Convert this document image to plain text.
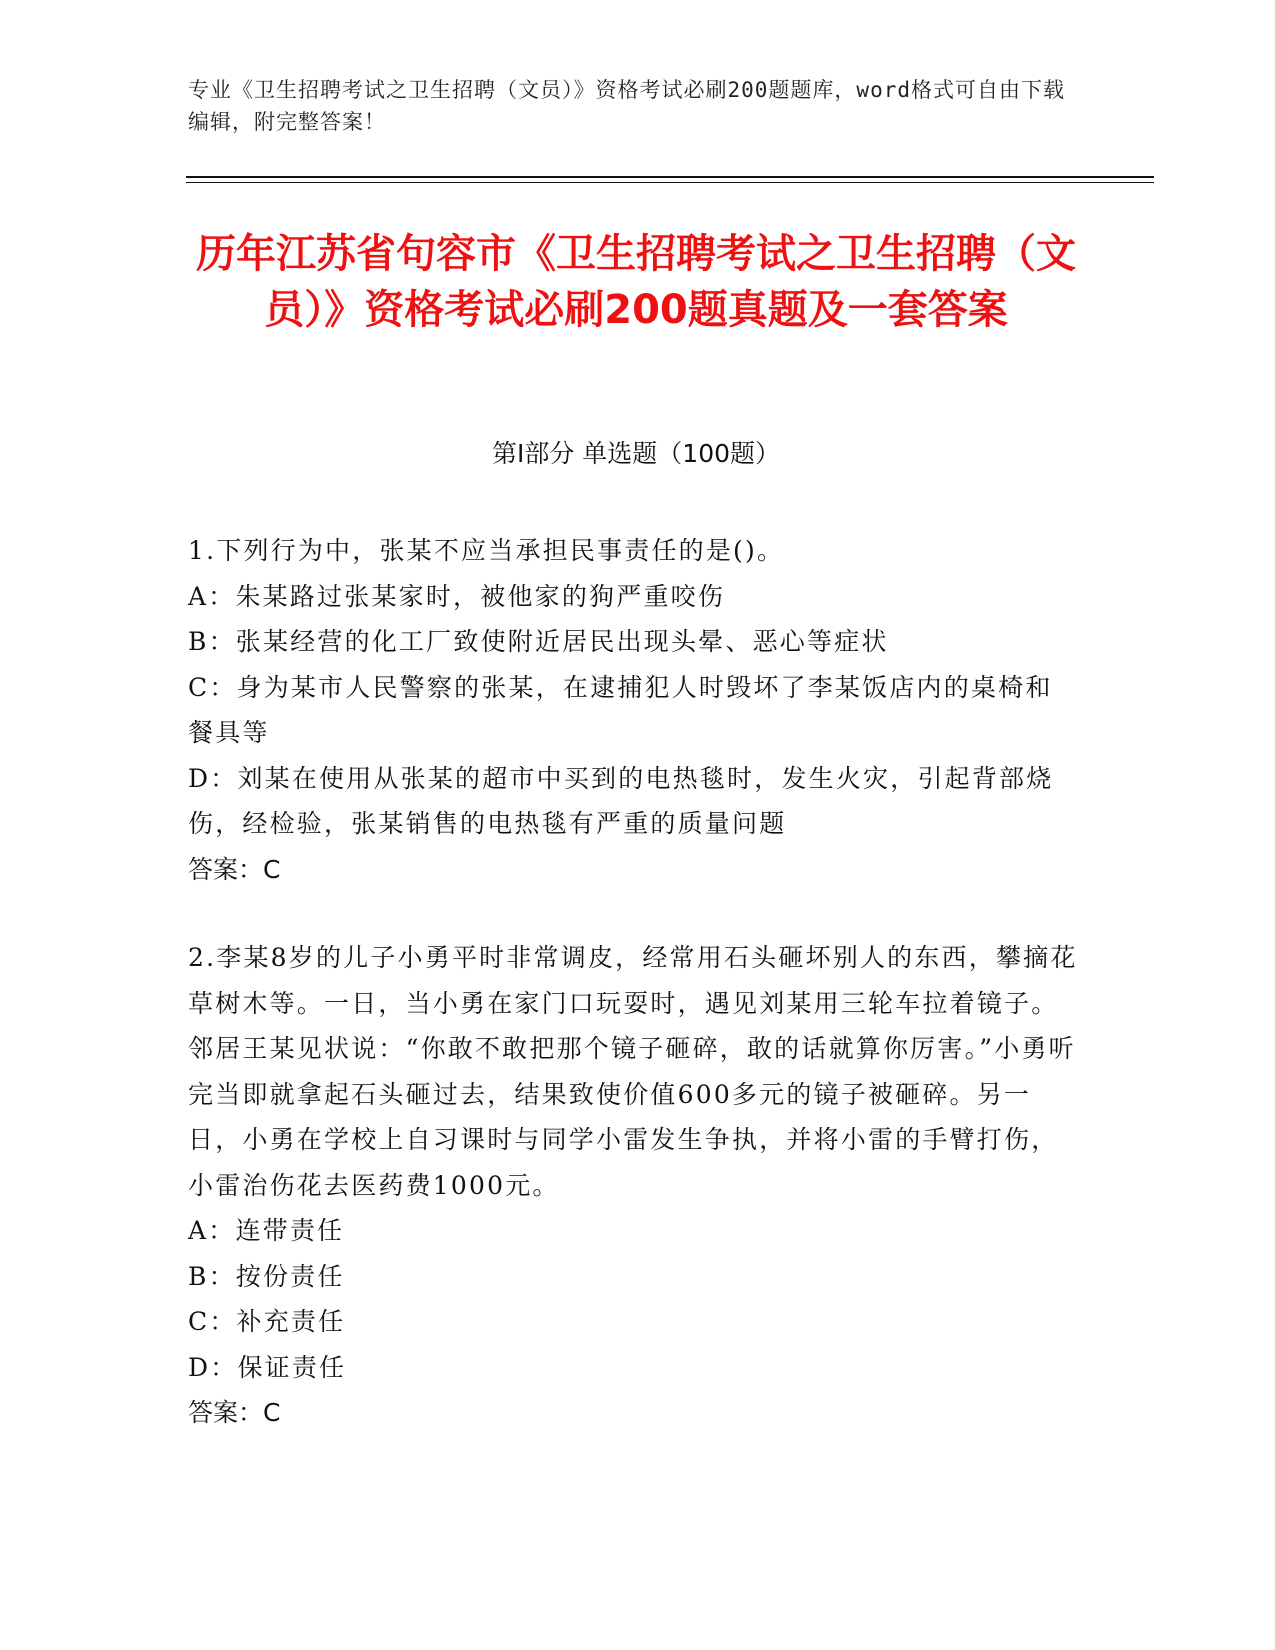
专业《卫生招聘考试之卫生招聘（文员）》资格考试必刷200题题库，word格式可自由下载编辑，附完整答案！
历年江苏省句容市《卫生招聘考试之卫生招聘（文员）》资格考试必刷200题真题及一套答案
第I部分 单选题（100题）

1.下列行为中，张某不应当承担民事责任的是()。

A：朱某路过张某家时，被他家的狗严重咬伤

B：张某经营的化工厂致使附近居民出现头晕、恶心等症状

C：身为某市人民警察的张某，在逮捕犯人时毁坏了李某饭店内的桌椅和餐具等

D：刘某在使用从张某的超市中买到的电热毯时，发生火灾，引起背部烧伤，经检验，张某销售的电热毯有严重的质量问题

答案：C

2.李某8岁的儿子小勇平时非常调皮，经常用石头砸坏别人的东西，攀摘花草树木等。一日，当小勇在家门口玩耍时，遇见刘某用三轮车拉着镜子。邻居王某见状说：“你敢不敢把那个镜子砸碎，敢的话就算你厉害。”小勇听完当即就拿起石头砸过去，结果致使价值600多元的镜子被砸碎。另一日，小勇在学校上自习课时与同学小雷发生争执，并将小雷的手臂打伤，小雷治伤花去医药费1000元。

A：连带责任

B：按份责任

C：补充责任

D：保证责任

答案：C
